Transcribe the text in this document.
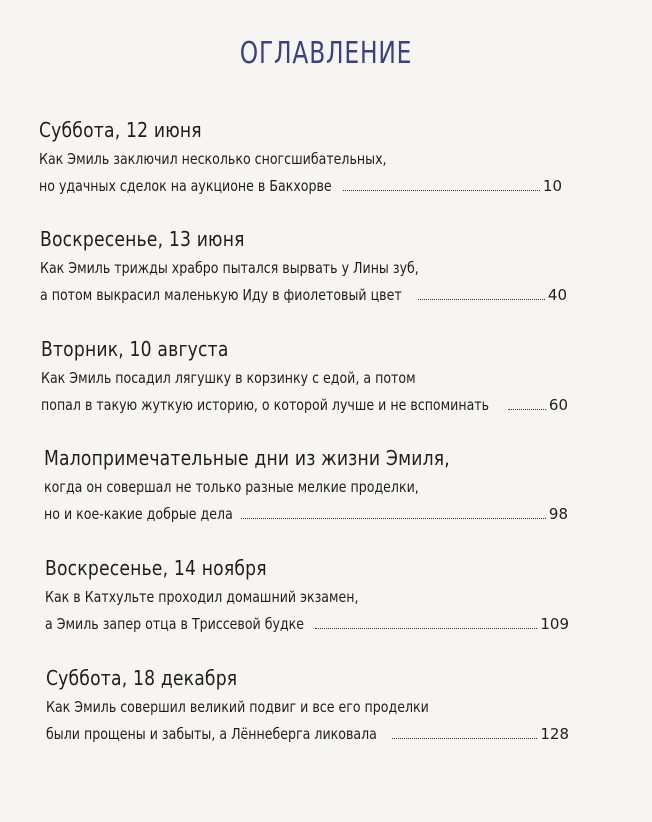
ОГЛАВЛЕНИЕ
Суббота, 12 июня
Как Эмиль заключил несколько сногсшибательных,
но удачных сделок на аукционе в Бакхорве	10
Воскресенье, 13 июня
Как Эмиль трижды храбро пытался вырвать у Лины зуб,
а потом выкрасил маленькую Иду в фиолетовый цвет	40
Вторник, 10 августа
Как Эмиль посадил лягушку в корзинку с едой, а потом
попал в такую жуткую историю, о которой лучше и не вспоминать	60
Малопримечательные дни из жизни Эмиля,
когда он совершал не только разные мелкие проделки,
но и кое-какие добрые дела	98
Воскресенье, 14 ноября
Как в Катхульте проходил домашний экзамен,
а Эмиль запер отца в Триссевой будке	109
Суббота, 18 декабря
Как Эмиль совершил великий подвиг и все его проделки
были прощены и забыты, а Лённеберга ликовала	128
